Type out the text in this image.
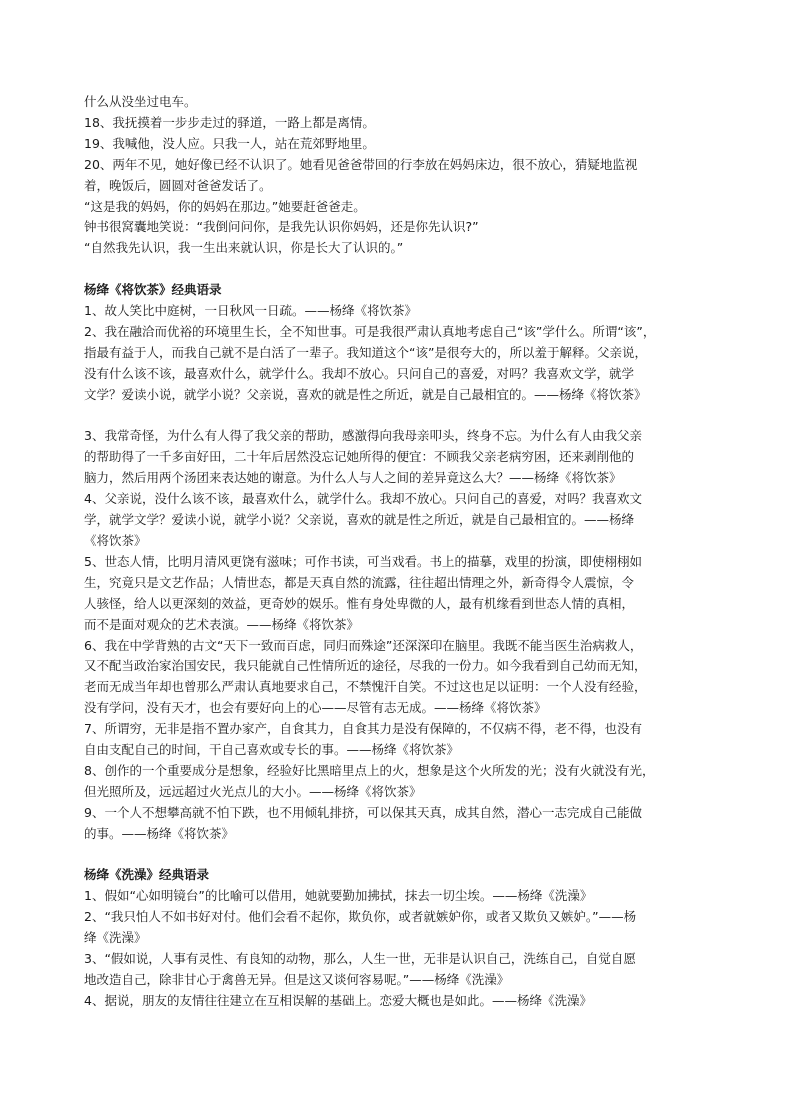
什么从没坐过电车。

18、我抚摸着一步步走过的驿道，一路上都是离情。

19、我喊他，没人应。只我一人，站在荒郊野地里。

20、两年不见，她好像已经不认识了。她看见爸爸带回的行李放在妈妈床边，很不放心，猜疑地监视

着，晚饭后，圆圆对爸爸发话了。

“这是我的妈妈，你的妈妈在那边。”她要赶爸爸走。

钟书很窝囊地笑说：“我倒问问你，是我先认识你妈妈，还是你先认识?”

“自然我先认识，我一生出来就认识，你是长大了认识的。”

杨绛《将饮茶》经典语录

1、故人笑比中庭树，一日秋风一日疏。——杨绛《将饮茶》

2、我在融洽而优裕的环境里生长，全不知世事。可是我很严肃认真地考虑自己“该”学什么。所谓“该”，

指最有益于人，而我自己就不是白活了一辈子。我知道这个“该”是很夸大的，所以羞于解释。父亲说，

没有什么该不该，最喜欢什么，就学什么。我却不放心。只问自己的喜爱，对吗？我喜欢文学，就学

文学？爱读小说，就学小说？父亲说，喜欢的就是性之所近，就是自己最相宜的。——杨绛《将饮茶》

3、我常奇怪，为什么有人得了我父亲的帮助，感激得向我母亲叩头，终身不忘。为什么有人由我父亲

的帮助得了一千多亩好田，二十年后居然没忘记她所得的便宜：不顾我父亲老病穷困，还来剥削他的

脑力，然后用两个汤团来表达她的谢意。为什么人与人之间的差异竟这么大？——杨绛《将饮茶》

4、父亲说，没什么该不该，最喜欢什么，就学什么。我却不放心。只问自己的喜爱，对吗？我喜欢文

学，就学文学？爱读小说，就学小说？父亲说，喜欢的就是性之所近，就是自己最相宜的。——杨绛

《将饮茶》

5、世态人情，比明月清风更饶有滋味；可作书读，可当戏看。书上的描摹，戏里的扮演，即使栩栩如

生，究竟只是文艺作品；人情世态，都是天真自然的流露，往往超出情理之外，新奇得令人震惊，令

人骇怪，给人以更深刻的效益，更奇妙的娱乐。惟有身处卑微的人，最有机缘看到世态人情的真相，

而不是面对观众的艺术表演。——杨绛《将饮茶》

6、我在中学背熟的古文“天下一致而百虑，同归而殊途”还深深印在脑里。我既不能当医生治病救人，

又不配当政治家治国安民，我只能就自己性情所近的途径，尽我的一份力。如今我看到自己幼而无知，

老而无成当年却也曾那么严肃认真地要求自己，不禁愧汗自笑。不过这也足以证明：一个人没有经验，

没有学问，没有天才，也会有要好向上的心——尽管有志无成。——杨绛《将饮茶》

7、所谓穷，无非是指不置办家产，自食其力，自食其力是没有保障的，不仅病不得，老不得，也没有

自由支配自己的时间，干自己喜欢或专长的事。——杨绛《将饮茶》

8、创作的一个重要成分是想象，经验好比黑暗里点上的火，想象是这个火所发的光；没有火就没有光，

但光照所及，远远超过火光点儿的大小。——杨绛《将饮茶》

9、一个人不想攀高就不怕下跌，也不用倾轧排挤，可以保其天真，成其自然，潜心一志完成自己能做

的事。——杨绛《将饮茶》

杨绛《洗澡》经典语录

1、假如“心如明镜台”的比喻可以借用，她就要勤加拂拭，抹去一切尘埃。——杨绛《洗澡》

2、“我只怕人不如书好对付。他们会看不起你，欺负你，或者就嫉妒你，或者又欺负又嫉妒。”——杨

绛《洗澡》

3、“假如说，人事有灵性、有良知的动物，那么，人生一世，无非是认识自己，洗练自己，自觉自愿

地改造自己，除非甘心于禽兽无异。但是这又谈何容易呢。”——杨绛《洗澡》

4、据说，朋友的友情往往建立在互相误解的基础上。恋爱大概也是如此。——杨绛《洗澡》
